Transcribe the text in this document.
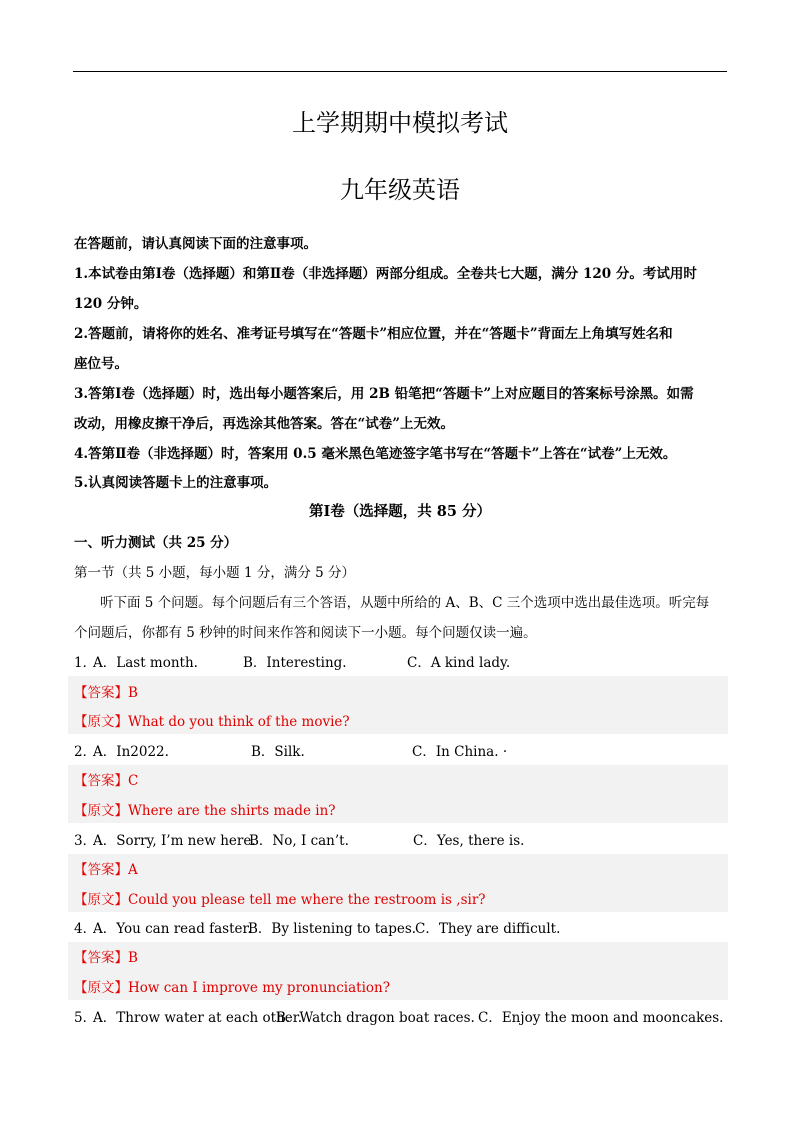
上学期期中模拟考试
九年级英语
在答题前，请认真阅读下面的注意事项。
1.本试卷由第Ⅰ卷（选择题）和第Ⅱ卷（非选择题）两部分组成。全卷共七大题，满分 120 分。考试用时
120 分钟。
2.答题前，请将你的姓名、准考证号填写在“答题卡”相应位置，并在“答题卡”背面左上角填写姓名和
座位号。
3.答第Ⅰ卷（选择题）时，选出每小题答案后，用 2B 铅笔把“答题卡”上对应题目的答案标号涂黑。如需
改动，用橡皮擦干净后，再选涂其他答案。答在“试卷”上无效。
4.答第Ⅱ卷（非选择题）时，答案用 0.5 毫米黑色笔迹签字笔书写在“答题卡”上答在“试卷”上无效。
5.认真阅读答题卡上的注意事项。
第Ⅰ卷（选择题，共 85 分）
一、听力测试（共 25 分）
第一节（共 5 小题，每小题 1 分，满分 5 分）
听下面 5 个问题。每个问题后有三个答语，从题中所给的 A、B、C 三个选项中选出最佳选项。听完每
个问题后，你都有 5 秒钟的时间来作答和阅读下一小题。每个问题仅读一遍。
1．
A．Last month.	B．Interesting.	C．A kind lady.
【答案】B
【原文】What do you think of the movie?
2．
A．In2022.	B．Silk.	C．In China. ·
【答案】C
【原文】Where are the shirts made in?
3．
A．Sorry, I’m new here.
B．No, I can’t.	C．Yes, there is.
【答案】A
【原文】Could you please tell me where the restroom is ,sir?
4．
A．You can read faster.
B．By listening to tapes.
C．They are difficult.
【答案】B
【原文】How can I improve my pronunciation?
5．
A．Throw water at each other.
B．Watch dragon boat races. C．Enjoy the moon and mooncakes.
